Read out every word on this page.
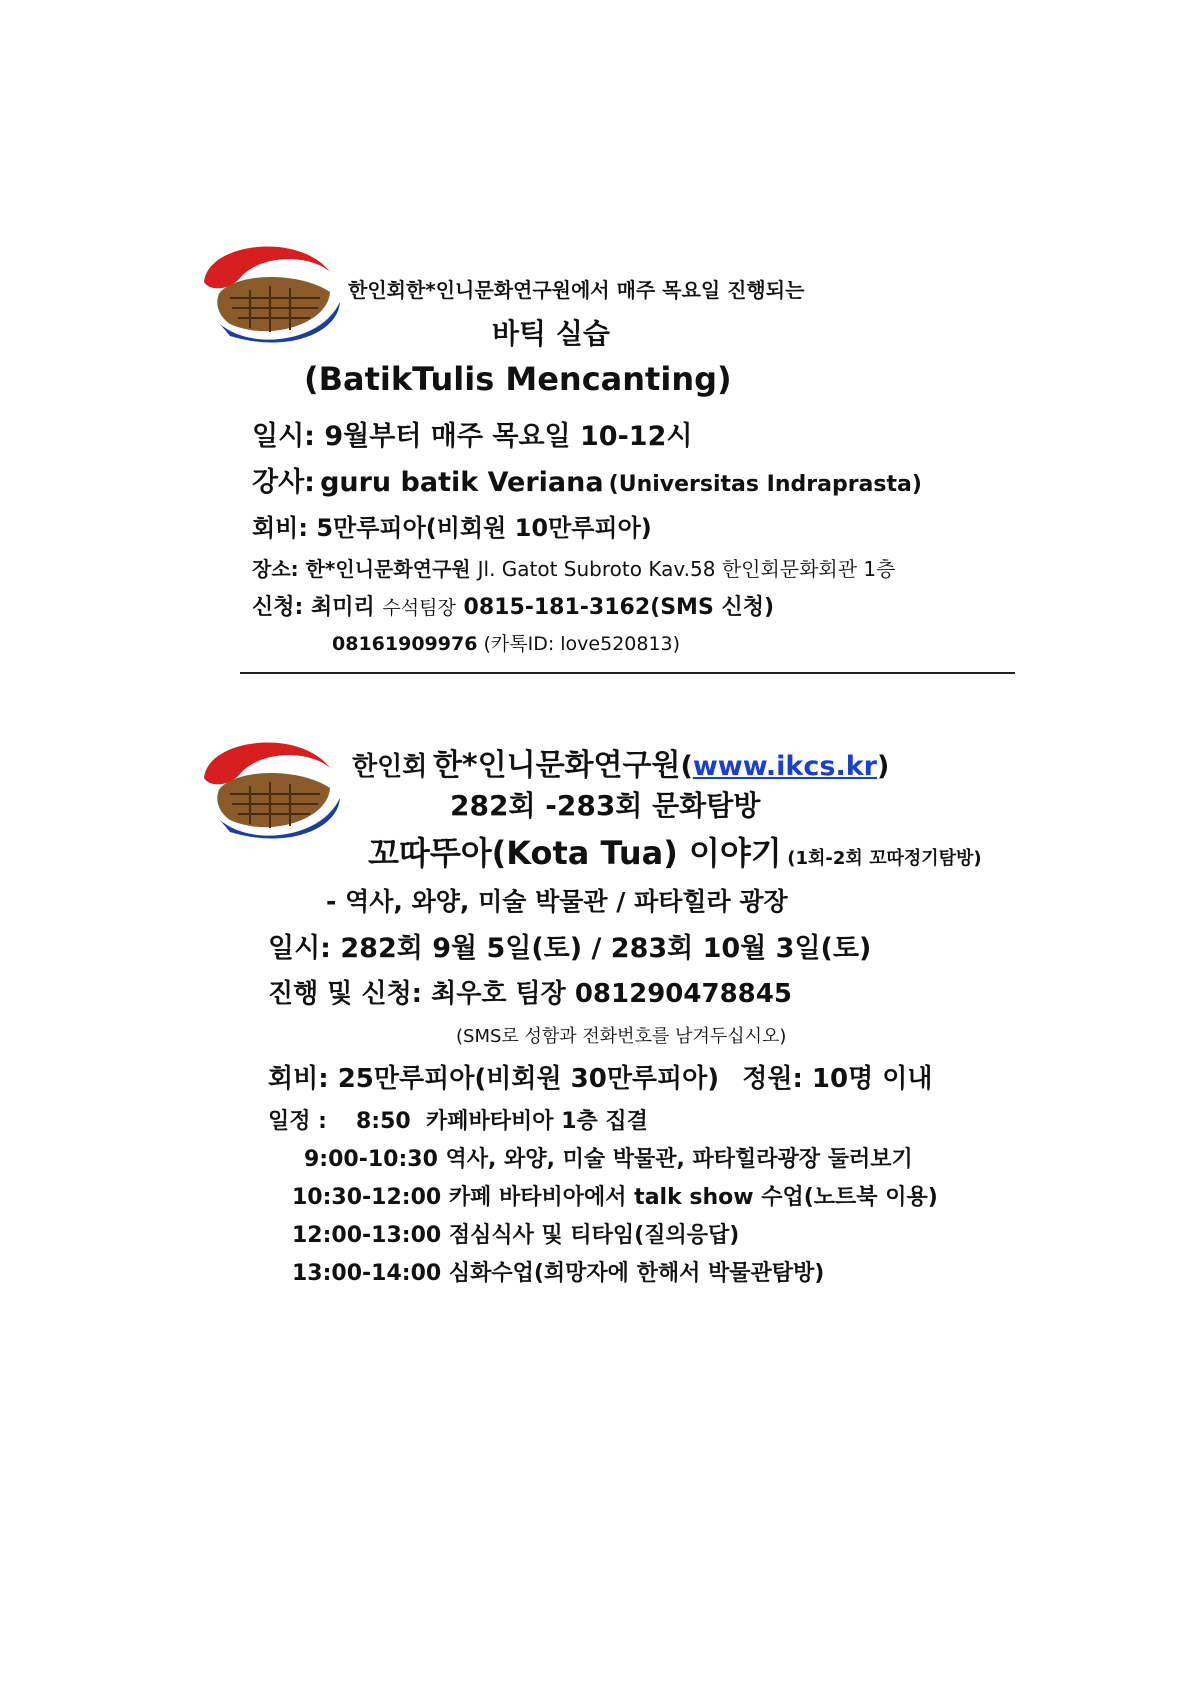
한인회한*인니문화연구원에서 매주 목요일 진행되는
바틱 실습
(BatikTulis Mencanting)
일시: 9월부터 매주 목요일 10-12시
강사: guru batik Veriana (Universitas Indraprasta)
회비: 5만루피아(비회원 10만루피아)
장소: 한*인니문화연구원 Jl. Gatot Subroto Kav.58 한인회문화회관 1층
신청: 최미리 수석팀장 0815-181-3162(SMS 신청)
08161909976 (카톡ID: love520813)
한인회 한*인니문화연구원(www.ikcs.kr)
282회 -283회 문화탐방
꼬따뚜아(Kota Tua) 이야기 (1회-2회 꼬따정기탐방)
- 역사, 와양, 미술 박물관 / 파타힐라 광장
일시: 282회 9월 5일(토) / 283회 10월 3일(토)
진행 및 신청: 최우호 팀장 081290478845
(SMS로 성함과 전화번호를 남겨두십시오)
회비: 25만루피아(비회원 30만루피아) 정원: 10명 이내
일정 : 8:50  카페바타비아 1층 집결
9:00-10:30 역사, 와양, 미술 박물관, 파타힐라광장 둘러보기
10:30-12:00 카페 바타비아에서 talk show 수업(노트북 이용)
12:00-13:00 점심식사 및 티타임(질의응답)
13:00-14:00 심화수업(희망자에 한해서 박물관탐방)
